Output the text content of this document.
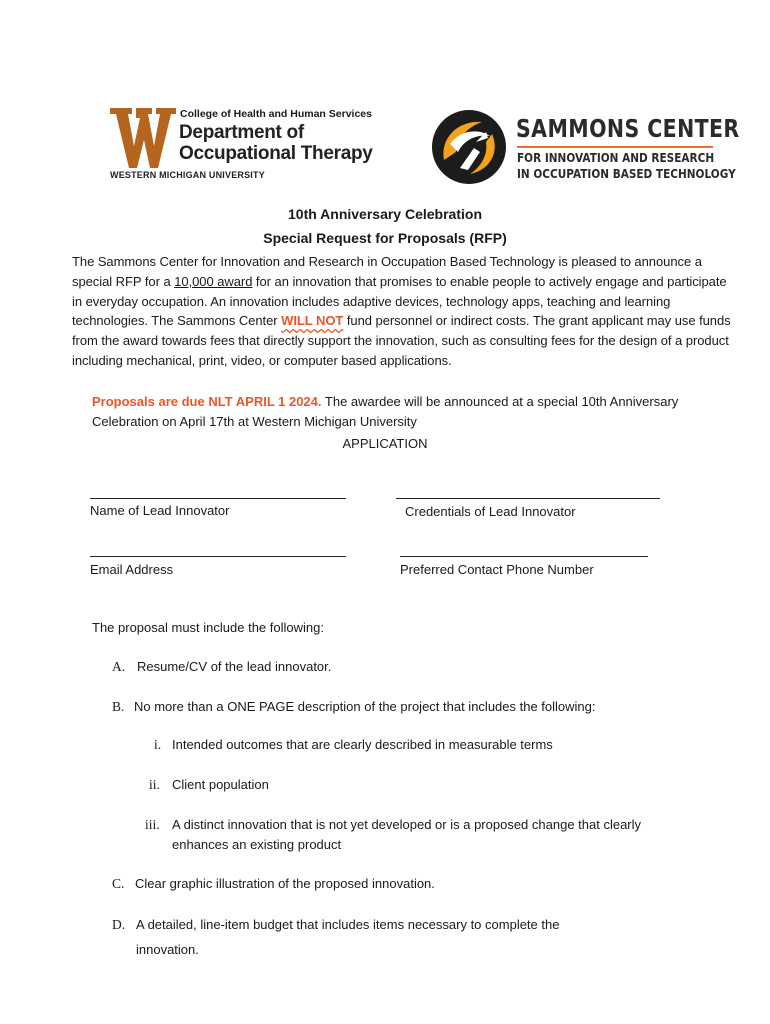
College of Health and Human Services
Department of
Occupational Therapy
WESTERN MICHIGAN UNIVERSITY
SAMMONS CENTER
FOR INNOVATION AND RESEARCH
IN OCCUPATION BASED TECHNOLOGY
10th Anniversary Celebration
Special Request for Proposals (RFP)

The Sammons Center for Innovation and Research in Occupation Based Technology is pleased to announce a special RFP for a 10,000 award for an innovation that promises to enable people to actively engage and participate in everyday occupation. An innovation includes adaptive devices, technology apps, teaching and learning technologies. The Sammons Center WILL NOT fund personnel or indirect costs. The grant applicant may use funds from the award towards fees that directly support the innovation, such as consulting fees for the design of a product including mechanical, print, video, or computer based applications.

Proposals are due NLT APRIL 1 2024. The awardee will be announced at a special 10th Anniversary Celebration on April 17th at Western Michigan University

APPLICATION
Name of Lead Innovator	Credentials of Lead Innovator
Email Address	Preferred Contact Phone Number
The proposal must include the following:
A. Resume/CV of the lead innovator.
B. No more than a ONE PAGE description of the project that includes the following:
i. Intended outcomes that are clearly described in measurable terms
ii. Client population
iii. A distinct innovation that is not yet developed or is a proposed change that clearly enhances an existing product
C. Clear graphic illustration of the proposed innovation.
D. A detailed, line-item budget that includes items necessary to complete the innovation.
